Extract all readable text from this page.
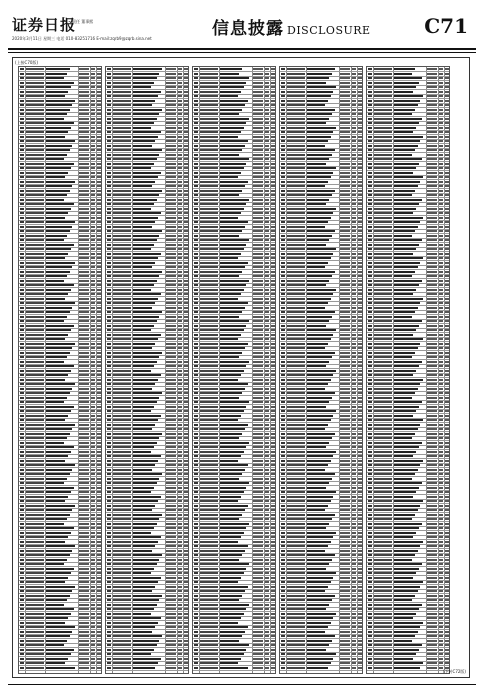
证券日报
责任 董事熙
2020年3月11日 星期三 电话 010-83251716 E-mail:zqrb9@zqrb.sina.net	信息披露 DISCLOSURE	C71
(上接C70版)
(下转C72版)
